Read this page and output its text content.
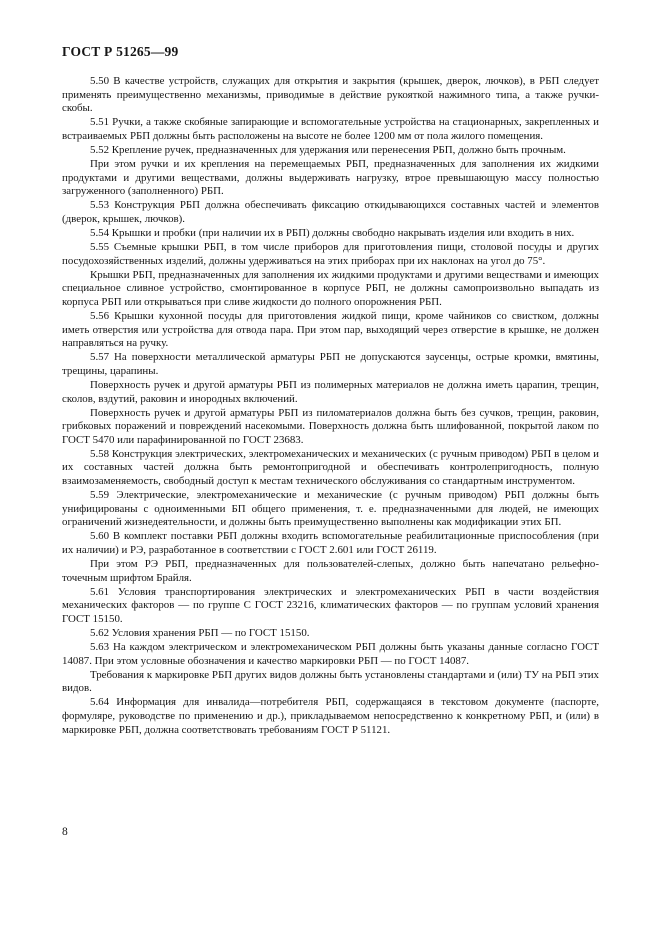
ГОСТ Р 51265—99

5.50 В качестве устройств, служащих для открытия и закрытия (крышек, дверок, лючков), в РБП следует применять преимущественно механизмы, приводимые в действие рукояткой нажимного типа, а также ручки-скобы.

5.51 Ручки, а также скобяные запирающие и вспомогательные устройства на стационарных, закрепленных и встраиваемых РБП должны быть расположены на высоте не более 1200 мм от пола жилого помещения.

5.52 Крепление ручек, предназначенных для удержания или перенесения РБП, должно быть прочным.

При этом ручки и их крепления на перемещаемых РБП, предназначенных для заполнения их жидкими продуктами и другими веществами, должны выдерживать нагрузку, втрое превышающую массу полностью загруженного (заполненного) РБП.

5.53 Конструкция РБП должна обеспечивать фиксацию откидывающихся составных частей и элементов (дверок, крышек, лючков).

5.54 Крышки и пробки (при наличии их в РБП) должны свободно накрывать изделия или входить в них.

5.55 Съемные крышки РБП, в том числе приборов для приготовления пищи, столовой посуды и других посудохозяйственных изделий, должны удерживаться на этих приборах при их наклонах на угол до 75°.

Крышки РБП, предназначенных для заполнения их жидкими продуктами и другими веществами и имеющих специальное сливное устройство, смонтированное в корпусе РБП, не должны самопроизвольно выпадать из корпуса РБП или открываться при сливе жидкости до полного опорожнения РБП.

5.56 Крышки кухонной посуды для приготовления жидкой пищи, кроме чайников со свистком, должны иметь отверстия или устройства для отвода пара. При этом пар, выходящий через отверстие в крышке, не должен направляться на ручку.

5.57 На поверхности металлической арматуры РБП не допускаются заусенцы, острые кромки, вмятины, трещины, царапины.

Поверхность ручек и другой арматуры РБП из полимерных материалов не должна иметь царапин, трещин, сколов, вздутий, раковин и инородных включений.

Поверхность ручек и другой арматуры РБП из пиломатериалов должна быть без сучков, трещин, раковин, грибковых поражений и повреждений насекомыми. Поверхность должна быть шлифованной, покрытой лаком по ГОСТ 5470 или парафинированной по ГОСТ 23683.

5.58 Конструкция электрических, электромеханических и механических (с ручным приводом) РБП в целом и их составных частей должна быть ремонтопригодной и обеспечивать контролепригодность, полную взаимозаменяемость, свободный доступ к местам технического обслуживания со стандартным инструментом.

5.59 Электрические, электромеханические и механические (с ручным приводом) РБП должны быть унифицированы с одноименными БП общего применения, т. е. предназначенными для людей, не имеющих ограничений жизнедеятельности, и должны быть преимущественно выполнены как модификации этих БП.

5.60 В комплект поставки РБП должны входить вспомогательные реабилитационные приспособления (при их наличии) и РЭ, разработанное в соответствии с ГОСТ 2.601 или ГОСТ 26119.

При этом РЭ РБП, предназначенных для пользователей-слепых, должно быть напечатано рельефно-точечным шрифтом Брайля.

5.61 Условия транспортирования электрических и электромеханических РБП в части воздействия механических факторов — по группе С ГОСТ 23216, климатических факторов — по группам условий хранения ГОСТ 15150.

5.62 Условия хранения РБП — по ГОСТ 15150.

5.63 На каждом электрическом и электромеханическом РБП должны быть указаны данные согласно ГОСТ 14087. При этом условные обозначения и качество маркировки РБП — по ГОСТ 14087.

Требования к маркировке РБП других видов должны быть установлены стандартами и (или) ТУ на РБП этих видов.

5.64 Информация для инвалида—потребителя РБП, содержащаяся в текстовом документе (паспорте, формуляре, руководстве по применению и др.), прикладываемом непосредственно к конкретному РБП, и (или) в маркировке РБП, должна соответствовать требованиям ГОСТ Р 51121.

8
